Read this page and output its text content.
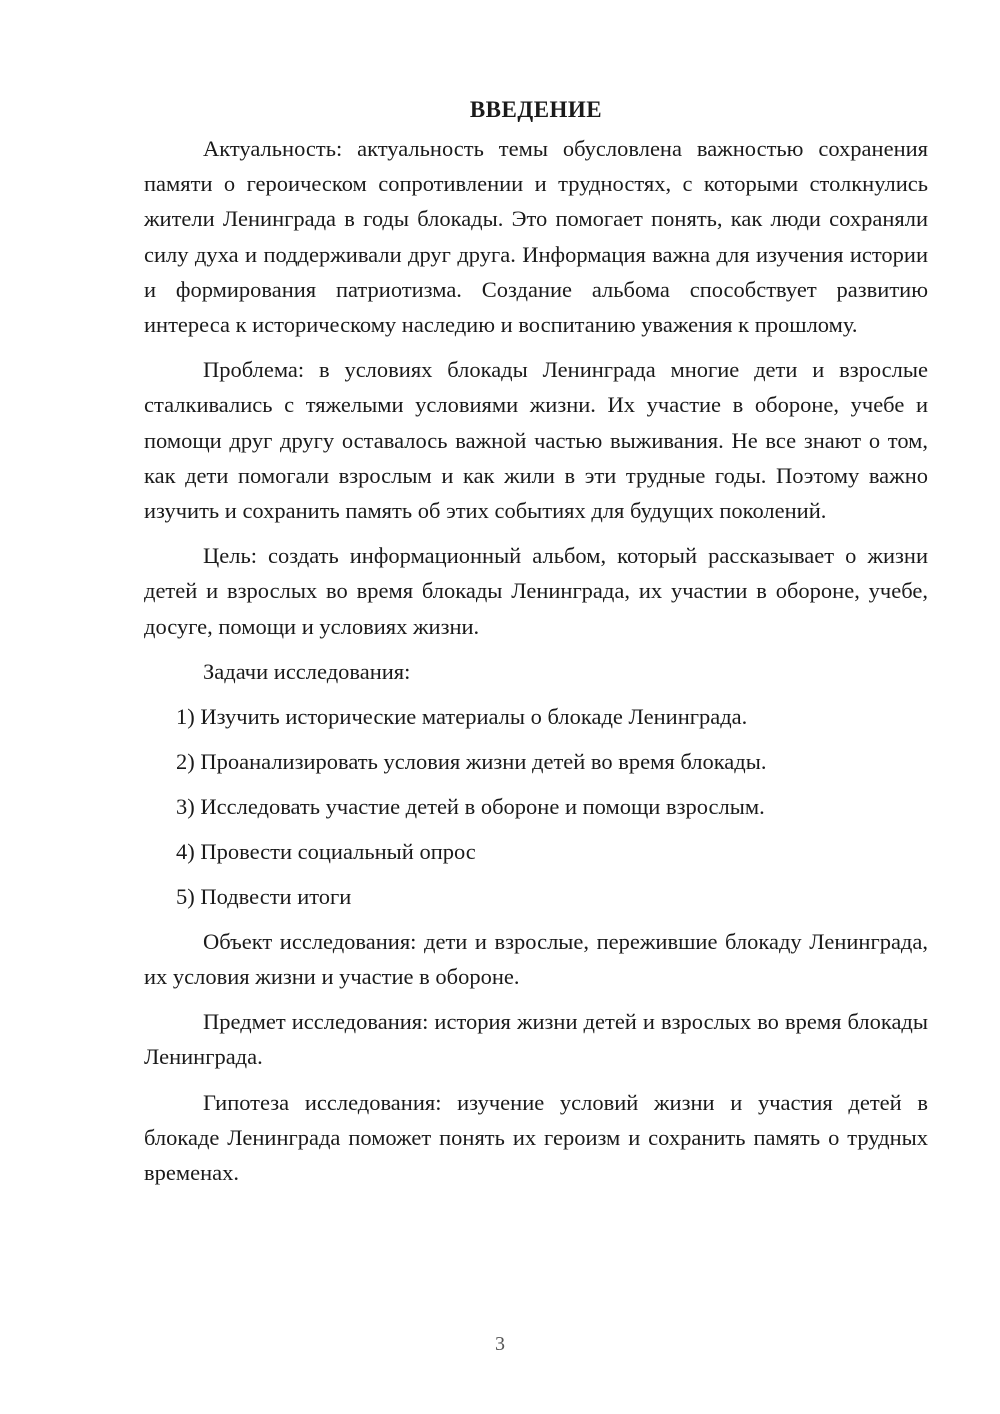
ВВЕДЕНИЕ

Актуальность: актуальность темы обусловлена важностью сохранения памяти о героическом сопротивлении и трудностях, с которыми столкнулись жители Ленинграда в годы блокады. Это помогает понять, как люди сохраняли силу духа и поддерживали друг друга. Информация важна для изучения истории и формирования патриотизма. Создание альбома способствует развитию интереса к историческому наследию и воспитанию уважения к прошлому.

Проблема: в условиях блокады Ленинграда многие дети и взрослые сталкивались с тяжелыми условиями жизни. Их участие в обороне, учебе и помощи друг другу оставалось важной частью выживания. Не все знают о том, как дети помогали взрослым и как жили в эти трудные годы. Поэтому важно изучить и сохранить память об этих событиях для будущих поколений.

Цель: создать информационный альбом, который рассказывает о жизни детей и взрослых во время блокады Ленинграда, их участии в обороне, учебе, досуге, помощи и условиях жизни.

Задачи исследования:
1) Изучить исторические материалы о блокаде Ленинграда.
2) Проанализировать условия жизни детей во время блокады.
3) Исследовать участие детей в обороне и помощи взрослым.
4) Провести социальный опрос
5) Подвести итоги

Объект исследования: дети и взрослые, пережившие блокаду Ленинграда, их условия жизни и участие в обороне.

Предмет исследования: история жизни детей и взрослых во время блокады Ленинграда.

Гипотеза исследования: изучение условий жизни и участия детей в блокаде Ленинграда поможет понять их героизм и сохранить память о трудных временах.

3
